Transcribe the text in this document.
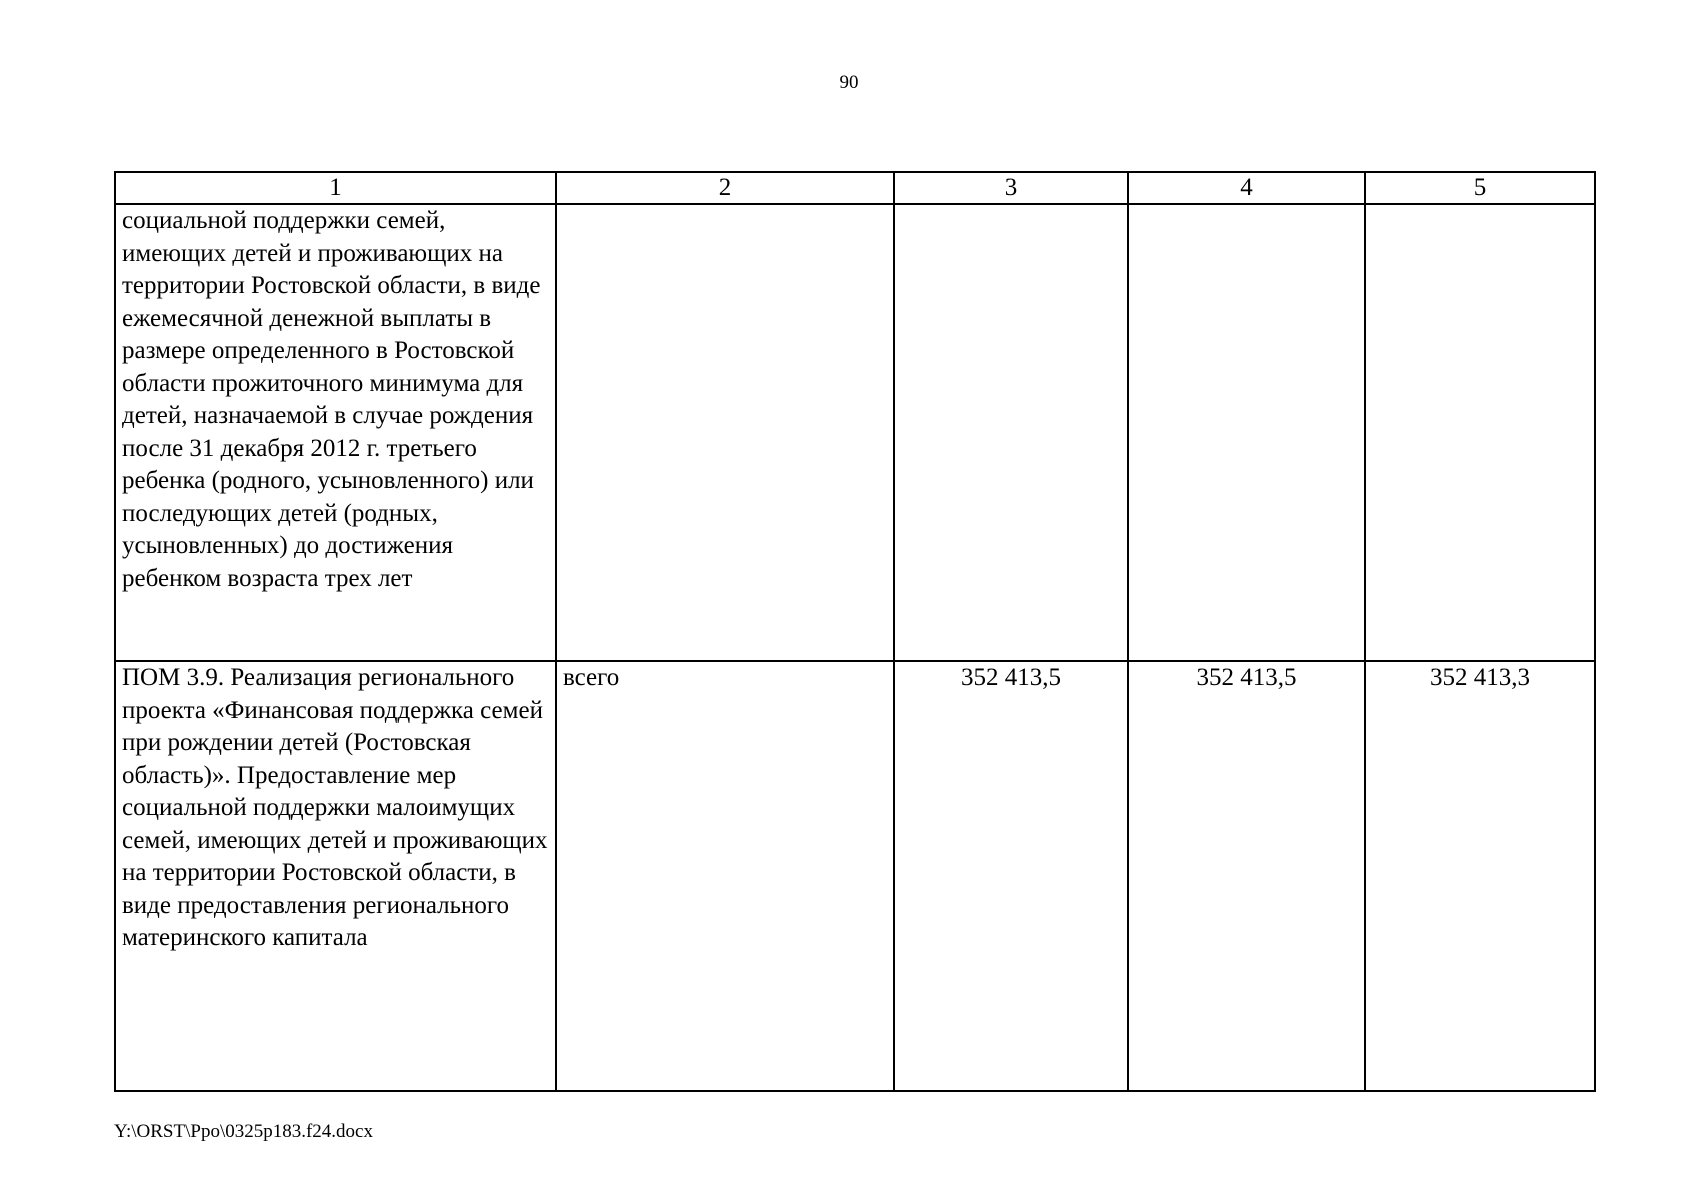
90
1	2	3	4	5
социальной поддержки семей, имеющих детей и проживающих на территории Ростовской области, в виде ежемесячной денежной выплаты в размере определенного в Ростовской области прожиточного минимума для детей, назначаемой в случае рождения после 31 декабря 2012 г. третьего ребенка (родного, усыновленного) или последующих детей (родных, усыновленных) до достижения ребенком возраста трех лет				
ПОМ 3.9. Реализация регионального проекта «Финансовая поддержка семей при рождении детей (Ростовская область)». Предоставление мер социальной поддержки малоимущих семей, имеющих детей и проживающих на территории Ростовской области, в виде предоставления регионального материнского капитала	всего	352 413,5	352 413,5	352 413,3
Y:\ORST\Ppo\0325p183.f24.docx
